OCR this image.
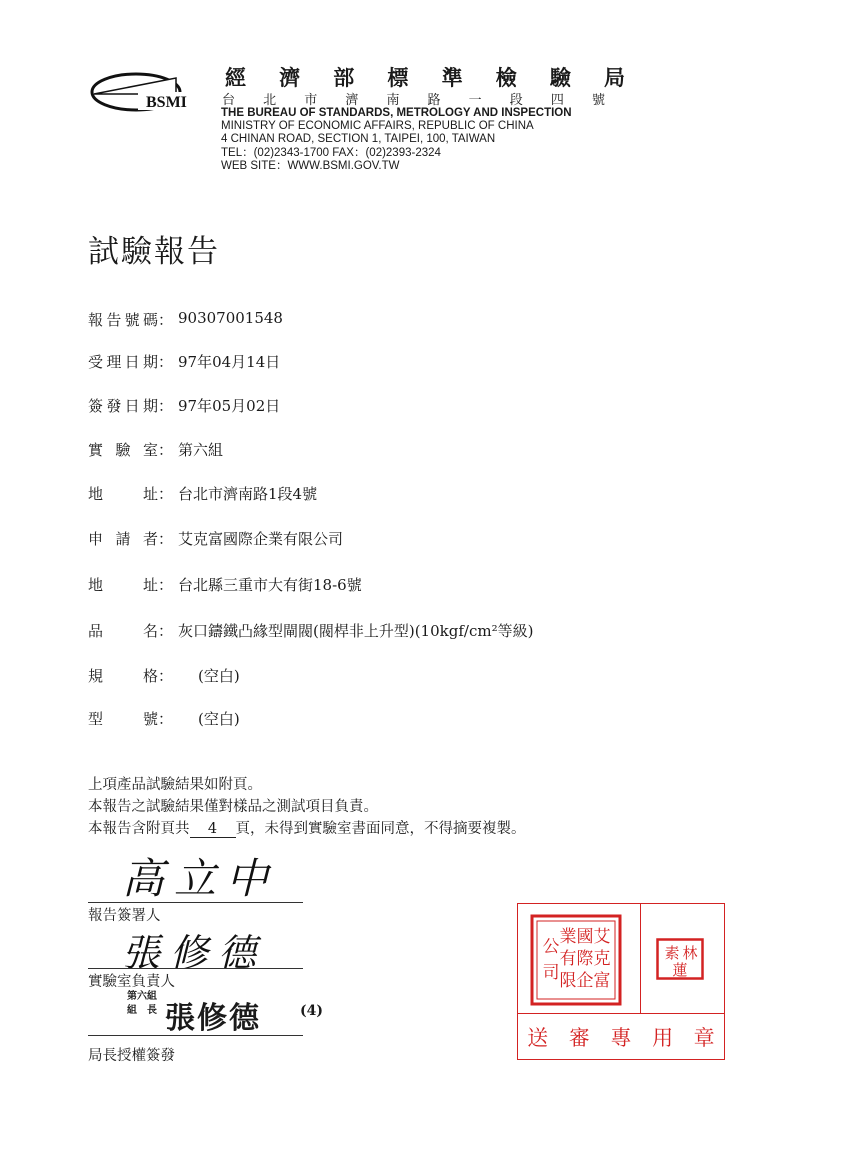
BSMI
經 濟 部 標 準 檢 驗 局
台 北 市 濟 南 路 一 段 四 號
THE BUREAU OF STANDARDS, METROLOGY AND INSPECTION
MINISTRY OF ECONOMIC AFFAIRS, REPUBLIC OF CHINA
4 CHINAN ROAD, SECTION 1, TAIPEI, 100, TAIWAN
TEL：(02)2343-1700 FAX：(02)2393-2324
WEB SITE：WWW.BSMI.GOV.TW
試驗報告
報 告 號 碼 ： 90307001548
受 理 日 期 ： 97年04月14日
簽 發 日 期 ： 97年05月02日
實 驗 室 ： 第六組
地	址 ： 台北市濟南路1段4號
申 請 者 ： 艾克富國際企業有限公司
地	址 ： 台北縣三重市大有街18-6號
品	名 ： 灰口鑄鐵凸緣型閘閥(閥桿非上升型)(10kgf/cm²等級)
規	格 ： (空白)
型	號 ： (空白)
上項產品試驗結果如附頁。
本報告之試驗結果僅對樣品之測試項目負責。
本報告含附頁共 4 頁，未得到實驗室書面同意，不得摘要複製。
高立中
報告簽署人
張修德
實驗室負責人
第六組
組　長 張修德	(4)
局長授權簽發
艾
克
富
國
際
企
業
有
限
公
司
林
素
蓮
送 審 專 用 章
